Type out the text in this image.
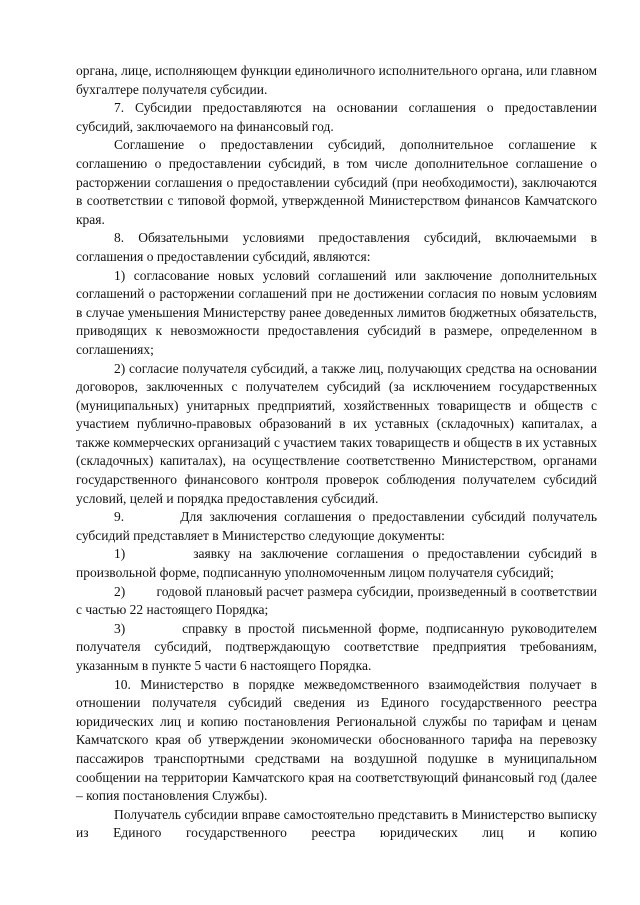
органа, лице, исполняющем функции единоличного исполнительного органа, или главном бухгалтере получателя субсидии.

7. Субсидии предоставляются на основании соглашения о предоставлении субсидий, заключаемого на финансовый год.

Соглашение о предоставлении субсидий, дополнительное соглашение к соглашению о предоставлении субсидий, в том числе дополнительное соглашение о расторжении соглашения о предоставлении субсидий (при необходимости), заключаются в соответствии с типовой формой, утвержденной Министерством финансов Камчатского края.

8. Обязательными условиями предоставления субсидий, включаемыми в соглашения о предоставлении субсидий, являются:

1) согласование новых условий соглашений или заключение дополнительных соглашений о расторжении соглашений при не достижении согласия по новым условиям в случае уменьшения Министерству ранее доведенных лимитов бюджетных обязательств, приводящих к невозможности предоставления субсидий в размере, определенном в соглашениях;

2) согласие получателя субсидий, а также лиц, получающих средства на основании договоров, заключенных с получателем субсидий (за исключением государственных (муниципальных) унитарных предприятий, хозяйственных товариществ и обществ с участием публично-правовых образований в их уставных (складочных) капиталах, а также коммерческих организаций с участием таких товариществ и обществ в их уставных (складочных) капиталах), на осуществление соответственно Министерством, органами государственного финансового контроля проверок соблюдения получателем субсидий условий, целей и порядка предоставления субсидий.

9.        Для заключения соглашения о предоставлении субсидий получатель субсидий представляет в Министерство следующие документы:

1)        заявку на заключение соглашения о предоставлении субсидий в произвольной форме, подписанную уполномоченным лицом получателя субсидий;

2)        годовой плановый расчет размера субсидии, произведенный в соответствии с частью 22 настоящего Порядка;

3)        справку в простой письменной форме, подписанную руководителем получателя субсидий, подтверждающую соответствие предприятия требованиям, указанным в пункте 5 части 6 настоящего Порядка.

10. Министерство в порядке межведомственного взаимодействия получает в отношении получателя субсидий сведения из Единого государственного реестра юридических лиц и копию постановления Региональной службы по тарифам и ценам Камчатского края об утверждении экономически обоснованного тарифа на перевозку пассажиров транспортными средствами на воздушной подушке в муниципальном сообщении на территории Камчатского края на соответствующий финансовый год (далее – копия постановления Службы).

Получатель субсидии вправе самостоятельно представить в Министерство выписку из Единого государственного реестра юридических лиц и копию
